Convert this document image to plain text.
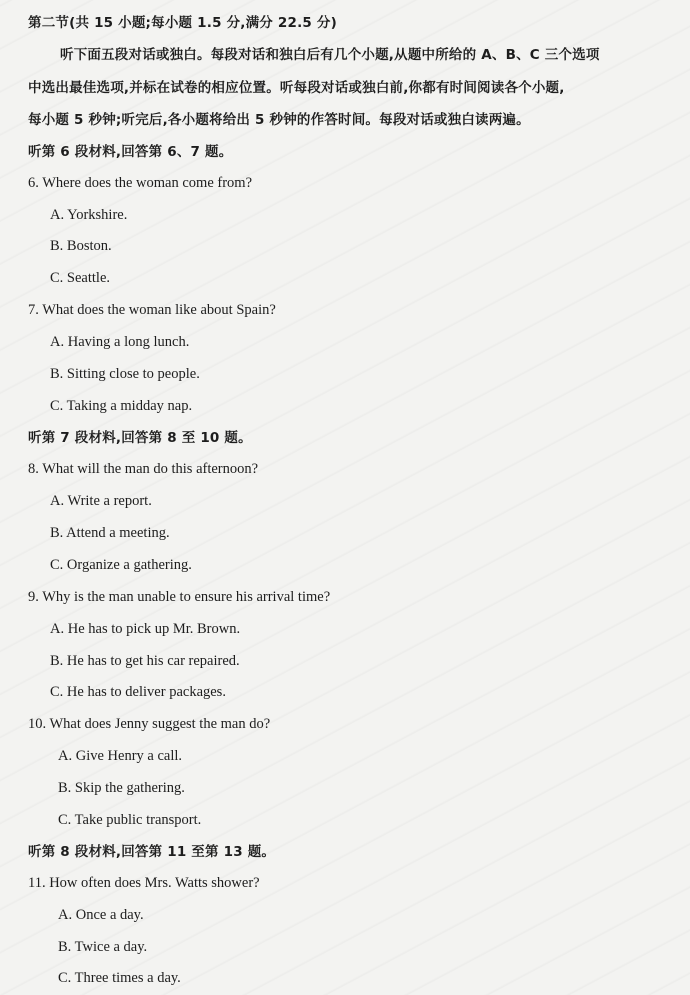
第二节(共 15 小题;每小题 1.5 分,满分 22.5 分)
听下面五段对话或独白。每段对话和独白后有几个小题,从题中所给的 A、B、C 三个选项
中选出最佳选项,并标在试卷的相应位置。听每段对话或独白前,你都有时间阅读各个小题,
每小题 5 秒钟;听完后,各小题将给出 5 秒钟的作答时间。每段对话或独白读两遍。
听第 6 段材料,回答第 6、7 题。
6. Where does the woman come from?
A. Yorkshire.
B. Boston.
C. Seattle.
7. What does the woman like about Spain?
A. Having a long lunch.
B. Sitting close to people.
C. Taking a midday nap.
听第 7 段材料,回答第 8 至 10 题。
8. What will the man do this afternoon?
A. Write a report.
B. Attend a meeting.
C. Organize a gathering.
9. Why is the man unable to ensure his arrival time?
A. He has to pick up Mr. Brown.
B. He has to get his car repaired.
C. He has to deliver packages.
10. What does Jenny suggest the man do?
A. Give Henry a call.
B. Skip the gathering.
C. Take public transport.
听第 8 段材料,回答第 11 至第 13 题。
11. How often does Mrs. Watts shower?
A. Once a day.
B. Twice a day.
C. Three times a day.
